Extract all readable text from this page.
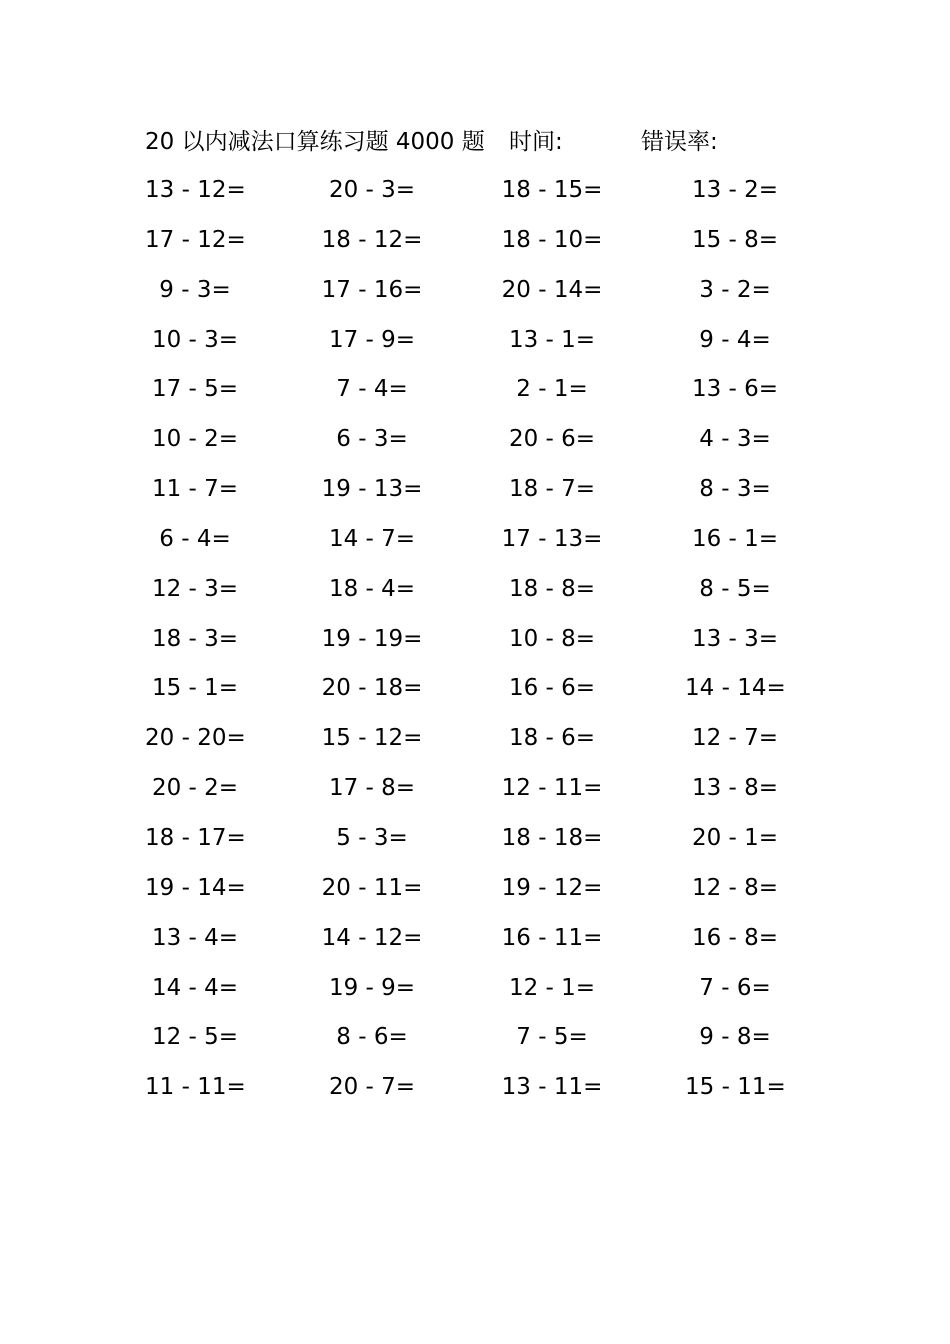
20 以内减法口算练习题 4000 题 时间:	错误率:
13 - 12=	20 - 3=	18 - 15=	13 - 2=
17 - 12=	18 - 12=	18 - 10=	15 - 8=
9 - 3=	17 - 16=	20 - 14=	3 - 2=
10 - 3=	17 - 9=	13 - 1=	9 - 4=
17 - 5=	7 - 4=	2 - 1=	13 - 6=
10 - 2=	6 - 3=	20 - 6=	4 - 3=
11 - 7=	19 - 13=	18 - 7=	8 - 3=
6 - 4=	14 - 7=	17 - 13=	16 - 1=
12 - 3=	18 - 4=	18 - 8=	8 - 5=
18 - 3=	19 - 19=	10 - 8=	13 - 3=
15 - 1=	20 - 18=	16 - 6=	14 - 14=
20 - 20=	15 - 12=	18 - 6=	12 - 7=
20 - 2=	17 - 8=	12 - 11=	13 - 8=
18 - 17=	5 - 3=	18 - 18=	20 - 1=
19 - 14=	20 - 11=	19 - 12=	12 - 8=
13 - 4=	14 - 12=	16 - 11=	16 - 8=
14 - 4=	19 - 9=	12 - 1=	7 - 6=
12 - 5=	8 - 6=	7 - 5=	9 - 8=
11 - 11=	20 - 7=	13 - 11=	15 - 11=
